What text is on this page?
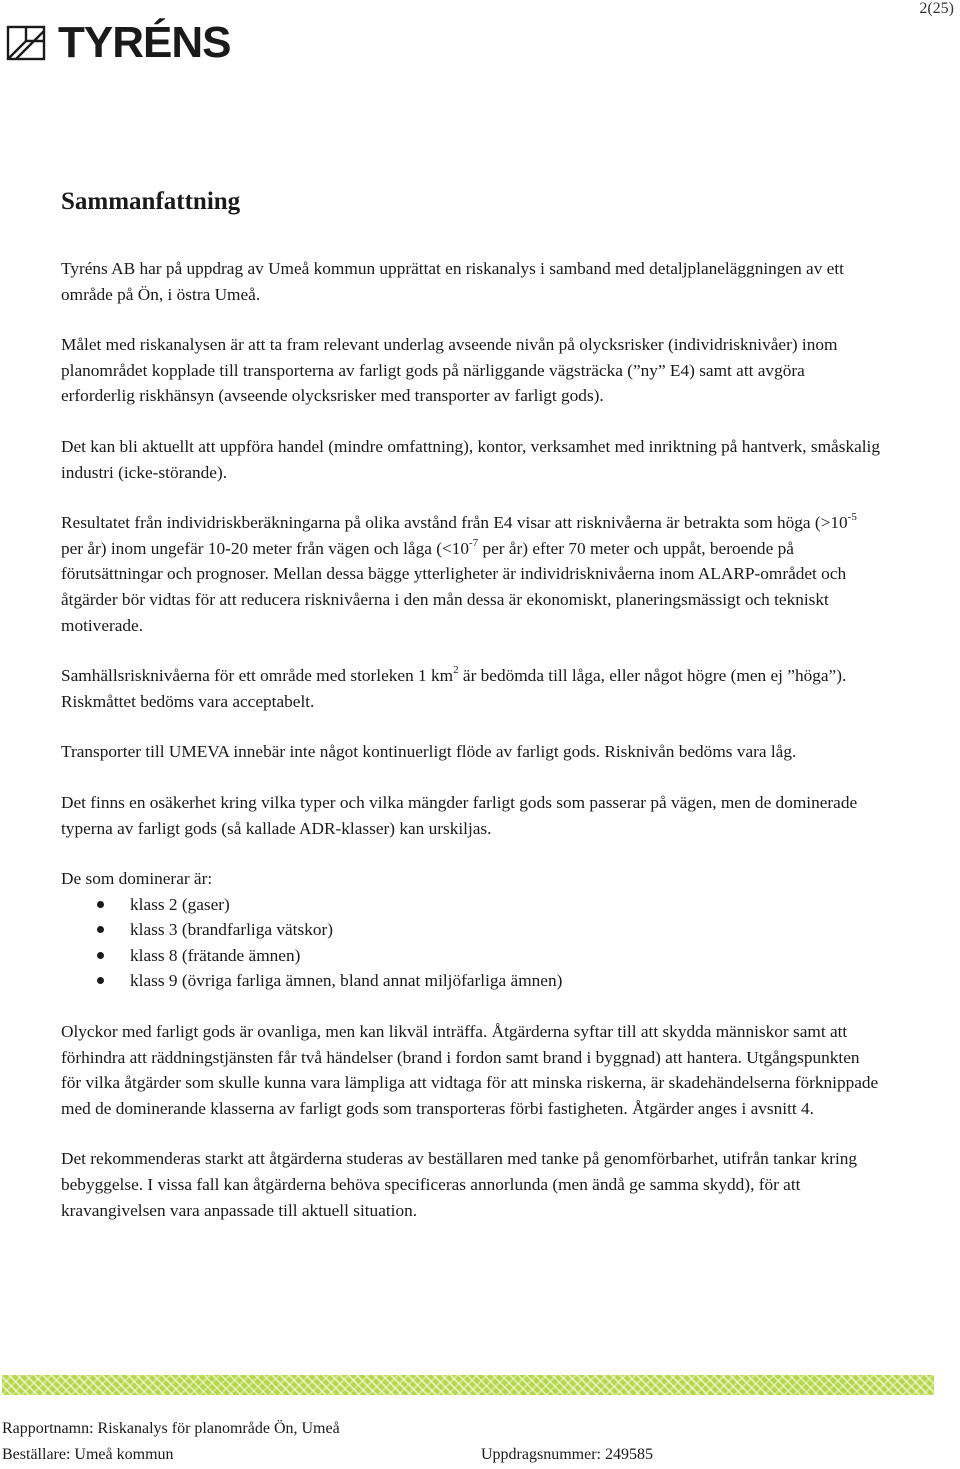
2(25)
TYRÉNS
Sammanfattning

Tyréns AB har på uppdrag av Umeå kommun upprättat en riskanalys i samband med detaljplaneläggningen av ett område på Ön, i östra Umeå.

Målet med riskanalysen är att ta fram relevant underlag avseende nivån på olycksrisker (individrisknivåer) inom planområdet kopplade till transporterna av farligt gods på närliggande vägsträcka (”ny” E4) samt att avgöra erforderlig riskhänsyn (avseende olycksrisker med transporter av farligt gods).

Det kan bli aktuellt att uppföra handel (mindre omfattning), kontor, verksamhet med inriktning på hantverk, småskalig industri (icke-störande).

Resultatet från individriskberäkningarna på olika avstånd från E4 visar att risknivåerna är betrakta som höga ($>10^{-5}$ per år) inom ungefär 10-20 meter från vägen och låga ($<10^{-7}$ per år) efter 70 meter och uppåt, beroende på förutsättningar och prognoser. Mellan dessa bägge ytterligheter är individrisknivåerna inom ALARP-området och åtgärder bör vidtas för att reducera risknivåerna i den mån dessa är ekonomiskt, planeringsmässigt och tekniskt motiverade.

Samhällsrisknivåerna för ett område med storleken 1 $km^2$ är bedömda till låga, eller något högre (men ej ”höga”). Riskmåttet bedöms vara acceptabelt.

Transporter till UMEVA innebär inte något kontinuerligt flöde av farligt gods. Risknivån bedöms vara låg.

Det finns en osäkerhet kring vilka typer och vilka mängder farligt gods som passerar på vägen, men de dominerade typerna av farligt gods (så kallade ADR-klasser) kan urskiljas.

De som dominerar är:

klass 2 (gaser)
klass 3 (brandfarliga vätskor)
klass 8 (frätande ämnen)
klass 9 (övriga farliga ämnen, bland annat miljöfarliga ämnen)

Olyckor med farligt gods är ovanliga, men kan likväl inträffa. Åtgärderna syftar till att skydda människor samt att förhindra att räddningstjänsten får två händelser (brand i fordon samt brand i byggnad) att hantera. Utgångspunkten för vilka åtgärder som skulle kunna vara lämpliga att vidtaga för att minska riskerna, är skadehändelserna förknippade med de dominerande klasserna av farligt gods som transporteras förbi fastigheten. Åtgärder anges i avsnitt 4.

Det rekommenderas starkt att åtgärderna studeras av beställaren med tanke på genomförbarhet, utifrån tankar kring bebyggelse. I vissa fall kan åtgärderna behöva specificeras annorlunda (men ändå ge samma skydd), för att kravangivelsen vara anpassade till aktuell situation.

Rapportnamn: Riskanalys för planområde Ön, Umeå
Beställare: Umeå kommun	Uppdragsnummer: 249585
